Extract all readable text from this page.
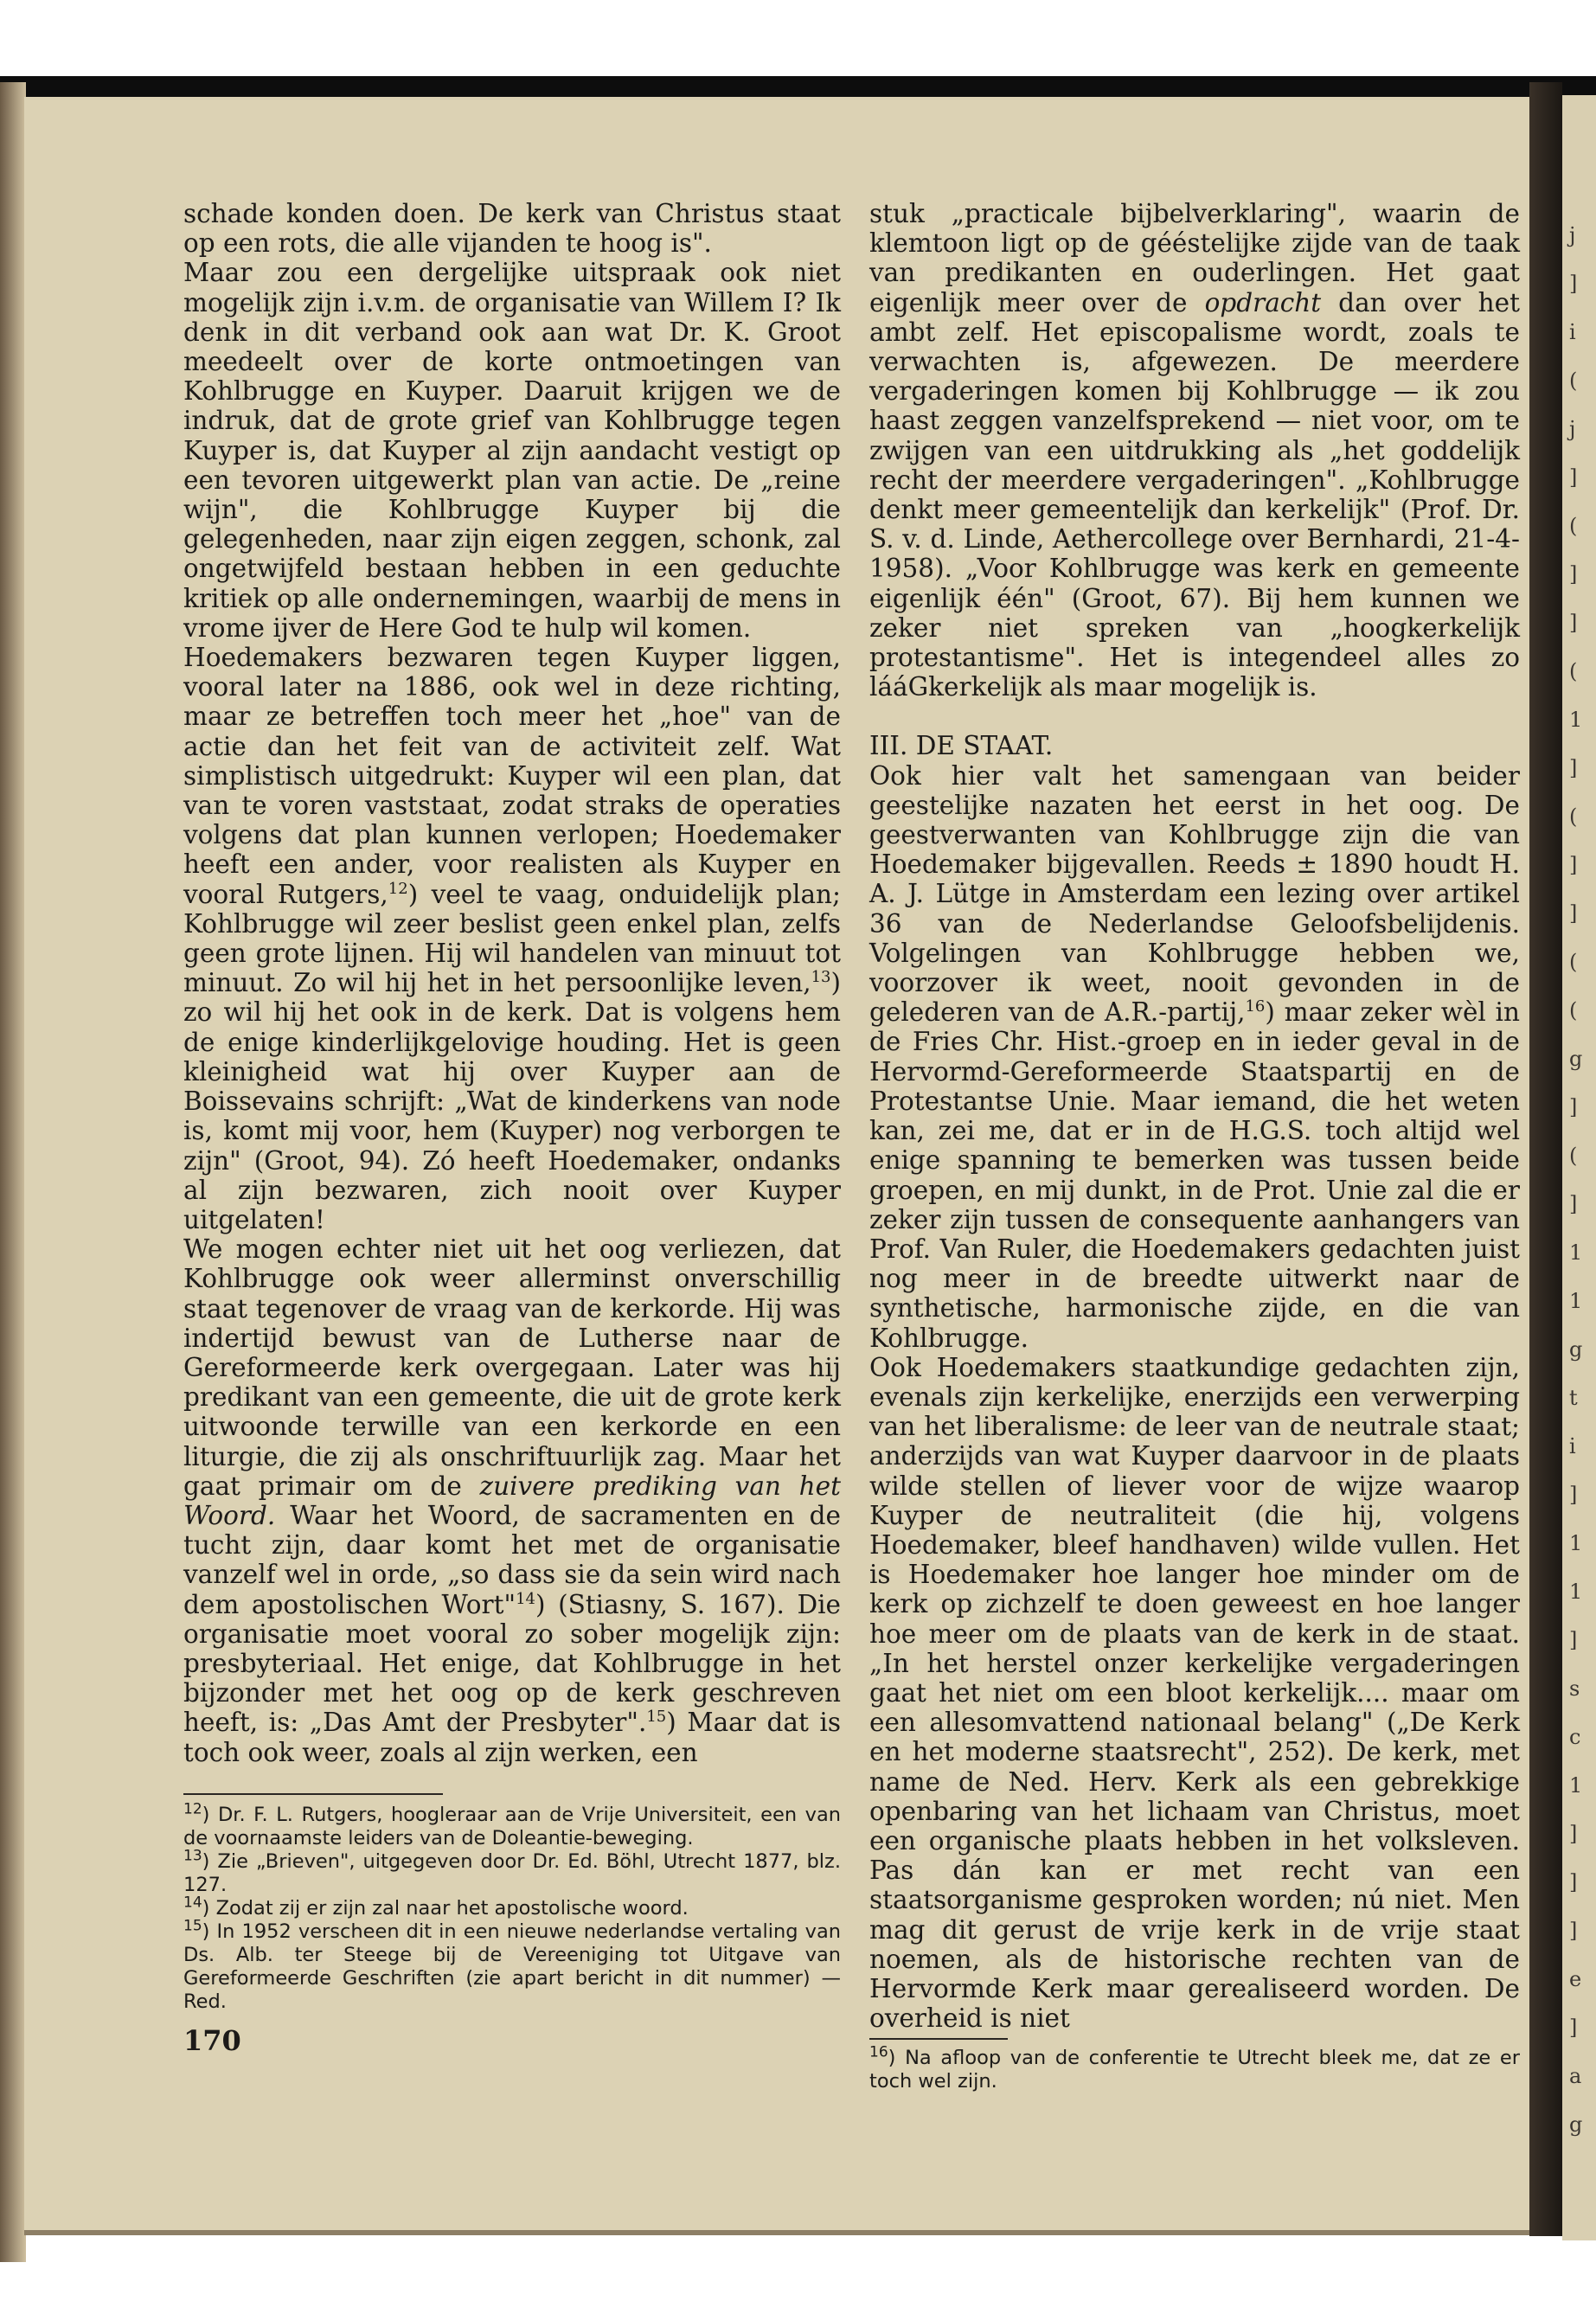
j
]
i
(
j
]
(
]
]
(
1
]
(
]
]
(
(
g
]
(
]
1
1
g
t
i
]
1
1
]
s
c
1
]
]
]
e
]
a
g

schade konden doen. De kerk van Christus staat op een rots, die alle vijanden te hoog is".

Maar zou een dergelijke uitspraak ook niet mogelijk zijn i.v.m. de organisatie van Willem I? Ik denk in dit verband ook aan wat Dr. K. Groot meedeelt over de korte ontmoetingen van Kohlbrugge en Kuyper. Daaruit krijgen we de indruk, dat de grote grief van Kohlbrugge tegen Kuyper is, dat Kuyper al zijn aandacht vestigt op een tevoren uitgewerkt plan van actie. De „reine wijn", die Kohlbrugge Kuyper bij die gelegenheden, naar zijn eigen zeggen, schonk, zal ongetwijfeld bestaan hebben in een geduchte kritiek op alle ondernemingen, waarbij de mens in vrome ijver de Here God te hulp wil komen.

Hoedemakers bezwaren tegen Kuyper liggen, vooral later na 1886, ook wel in deze richting, maar ze betreffen toch meer het „hoe" van de actie dan het feit van de activiteit zelf. Wat simplistisch uitgedrukt: Kuyper wil een plan, dat van te voren vaststaat, zodat straks de operaties volgens dat plan kunnen verlopen; Hoedemaker heeft een ander, voor realisten als Kuyper en vooral Rutgers,$^{12}$) veel te vaag, onduidelijk plan; Kohlbrugge wil zeer beslist geen enkel plan, zelfs geen grote lijnen. Hij wil handelen van minuut tot minuut. Zo wil hij het in het persoonlijke leven,$^{13}$) zo wil hij het ook in de kerk. Dat is volgens hem de enige kinderlijkgelovige houding. Het is geen kleinigheid wat hij over Kuyper aan de Boissevains schrijft: „Wat de kinderkens van node is, komt mij voor, hem (Kuyper) nog verborgen te zijn" (Groot, 94). Zó heeft Hoedemaker, ondanks al zijn bezwaren, zich nooit over Kuyper uitgelaten!

We mogen echter niet uit het oog verliezen, dat Kohlbrugge ook weer allerminst onverschillig staat tegenover de vraag van de kerkorde. Hij was indertijd bewust van de Lutherse naar de Gereformeerde kerk overgegaan. Later was hij predikant van een gemeente, die uit de grote kerk uitwoonde terwille van een kerkorde en een liturgie, die zij als onschriftuurlijk zag. Maar het gaat primair om de zuivere prediking van het Woord. Waar het Woord, de sacramenten en de tucht zijn, daar komt het met de organisatie vanzelf wel in orde, „so dass sie da sein wird nach dem apostolischen Wort"$^{14}$) (Stiasny, S. 167). Die organisatie moet vooral zo sober mogelijk zijn: presbyteriaal. Het enige, dat Kohlbrugge in het bijzonder met het oog op de kerk geschreven heeft, is: „Das Amt der Presbyter".$^{15}$) Maar dat is toch ook weer, zoals al zijn werken, een

$^{12}$) Dr. F. L. Rutgers, hoogleraar aan de Vrije Universiteit, een van de voornaamste leiders van de Doleantie-beweging.

$^{13}$) Zie „Brieven", uitgegeven door Dr. Ed. Böhl, Utrecht 1877, blz. 127.

$^{14}$) Zodat zij er zijn zal naar het apostolische woord.

$^{15}$) In 1952 verscheen dit in een nieuwe nederlandse vertaling van Ds. Alb. ter Steege bij de Vereeniging tot Uitgave van Gereformeerde Geschriften (zie apart bericht in dit nummer) — Red.

170

stuk „practicale bijbelverklaring", waarin de klemtoon ligt op de gééstelijke zijde van de taak van predikanten en ouderlingen. Het gaat eigenlijk meer over de opdracht dan over het ambt zelf. Het episcopalisme wordt, zoals te verwachten is, afgewezen. De meerdere vergaderingen komen bij Kohlbrugge — ik zou haast zeggen vanzelfsprekend — niet voor, om te zwijgen van een uitdrukking als „het goddelijk recht der meerdere vergaderingen". „Kohlbrugge denkt meer gemeentelijk dan kerkelijk" (Prof. Dr. S. v. d. Linde, Aethercollege over Bernhardi, 21-4-1958). „Voor Kohlbrugge was kerk en gemeente eigenlijk één" (Groot, 67). Bij hem kunnen we zeker niet spreken van „hoogkerkelijk protestantisme". Het is integendeel alles zo lááGkerkelijk als maar mogelijk is.

III. DE STAAT.

Ook hier valt het samengaan van beider geestelijke nazaten het eerst in het oog. De geestverwanten van Kohlbrugge zijn die van Hoedemaker bijgevallen. Reeds ± 1890 houdt H. A. J. Lütge in Amsterdam een lezing over artikel 36 van de Nederlandse Geloofsbelijdenis. Volgelingen van Kohlbrugge hebben we, voorzover ik weet, nooit gevonden in de gelederen van de A.R.-partij,$^{16}$) maar zeker wèl in de Fries Chr. Hist.-groep en in ieder geval in de Hervormd-Gereformeerde Staatspartij en de Protestantse Unie. Maar iemand, die het weten kan, zei me, dat er in de H.G.S. toch altijd wel enige spanning te bemerken was tussen beide groepen, en mij dunkt, in de Prot. Unie zal die er zeker zijn tussen de consequente aanhangers van Prof. Van Ruler, die Hoedemakers gedachten juist nog meer in de breedte uitwerkt naar de synthetische, harmonische zijde, en die van Kohlbrugge.

Ook Hoedemakers staatkundige gedachten zijn, evenals zijn kerkelijke, enerzijds een verwerping van het liberalisme: de leer van de neutrale staat; anderzijds van wat Kuyper daarvoor in de plaats wilde stellen of liever voor de wijze waarop Kuyper de neutraliteit (die hij, volgens Hoedemaker, bleef handhaven) wilde vullen. Het is Hoedemaker hoe langer hoe minder om de kerk op zichzelf te doen geweest en hoe langer hoe meer om de plaats van de kerk in de staat. „In het herstel onzer kerkelijke vergaderingen gaat het niet om een bloot kerkelijk.... maar om een allesomvattend nationaal belang" („De Kerk en het moderne staatsrecht", 252). De kerk, met name de Ned. Herv. Kerk als een gebrekkige openbaring van het lichaam van Christus, moet een organische plaats hebben in het volksleven. Pas dán kan er met recht van een staatsorganisme gesproken worden; nú niet. Men mag dit gerust de vrije kerk in de vrije staat noemen, als de historische rechten van de Hervormde Kerk maar gerealiseerd worden. De overheid is niet

$^{16}$) Na afloop van de conferentie te Utrecht bleek me, dat ze er toch wel zijn.
